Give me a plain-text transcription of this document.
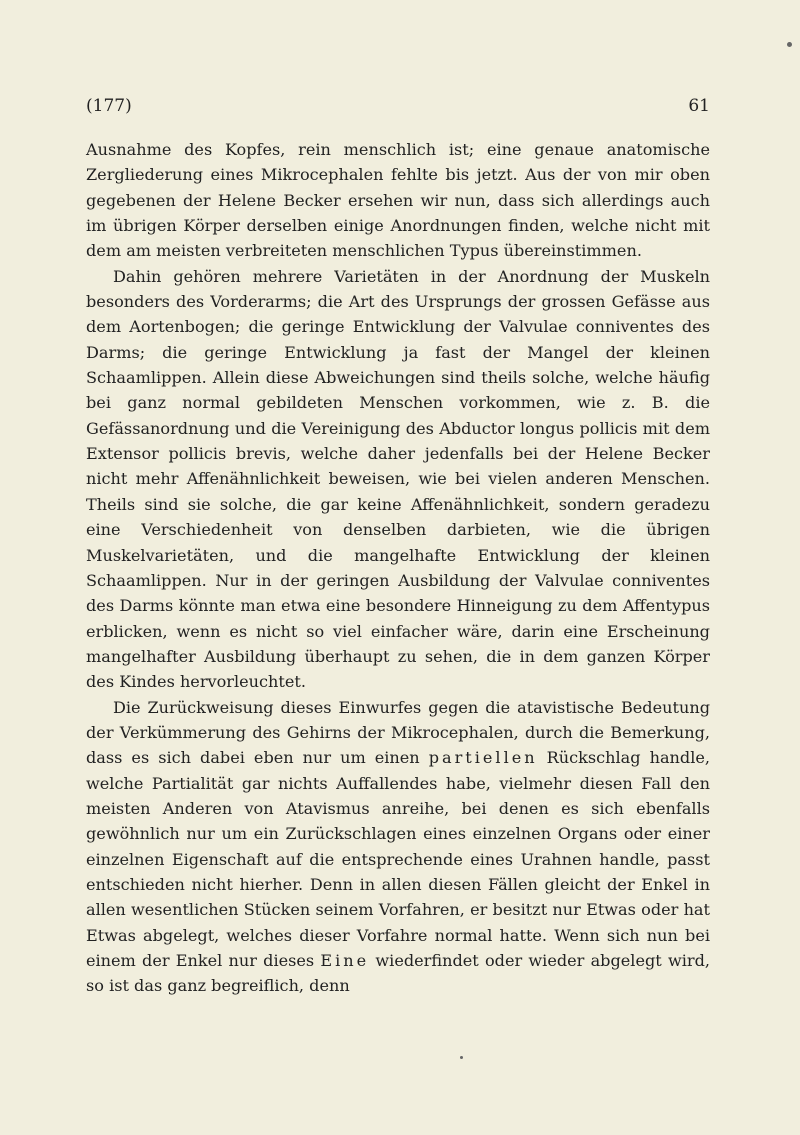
(177)	61

Ausnahme des Kopfes, rein menschlich ist; eine genaue anatomische Zergliederung eines Mikrocephalen fehlte bis jetzt. Aus der von mir oben gegebenen der Helene Becker ersehen wir nun, dass sich allerdings auch im übrigen Körper derselben einige Anordnungen finden, welche nicht mit dem am meisten verbreiteten menschlichen Typus übereinstimmen.

Dahin gehören mehrere Varietäten in der Anordnung der Muskeln besonders des Vorderarms; die Art des Ursprungs der grossen Gefässe aus dem Aortenbogen; die geringe Entwicklung der Valvulae conniventes des Darms; die geringe Entwicklung ja fast der Mangel der kleinen Schaamlippen. Allein diese Abweichungen sind theils solche, welche häufig bei ganz normal gebildeten Menschen vorkommen, wie z. B. die Gefässanordnung und die Vereinigung des Abductor longus pollicis mit dem Extensor pollicis brevis, welche daher jedenfalls bei der Helene Becker nicht mehr Affenähnlichkeit beweisen, wie bei vielen anderen Menschen. Theils sind sie solche, die gar keine Affenähnlichkeit, sondern geradezu eine Verschiedenheit von denselben darbieten, wie die übrigen Muskelvarietäten, und die mangelhafte Entwicklung der kleinen Schaamlippen. Nur in der geringen Ausbildung der Valvulae conniventes des Darms könnte man etwa eine besondere Hinneigung zu dem Affentypus erblicken, wenn es nicht so viel einfacher wäre, darin eine Erscheinung mangelhafter Ausbildung überhaupt zu sehen, die in dem ganzen Körper des Kindes hervorleuchtet.

Die Zurückweisung dieses Einwurfes gegen die atavistische Bedeutung der Verkümmerung des Gehirns der Mikrocephalen, durch die Bemerkung, dass es sich dabei eben nur um einen partiellen Rückschlag handle, welche Partialität gar nichts Auffallendes habe, vielmehr diesen Fall den meisten Anderen von Atavismus anreihe, bei denen es sich ebenfalls gewöhnlich nur um ein Zurückschlagen eines einzelnen Organs oder einer einzelnen Eigenschaft auf die entsprechende eines Urahnen handle, passt entschieden nicht hierher. Denn in allen diesen Fällen gleicht der Enkel in allen wesentlichen Stücken seinem Vorfahren, er besitzt nur Etwas oder hat Etwas abgelegt, welches dieser Vorfahre normal hatte. Wenn sich nun bei einem der Enkel nur dieses Eine wiederfindet oder wieder abgelegt wird, so ist das ganz begreiflich, denn
